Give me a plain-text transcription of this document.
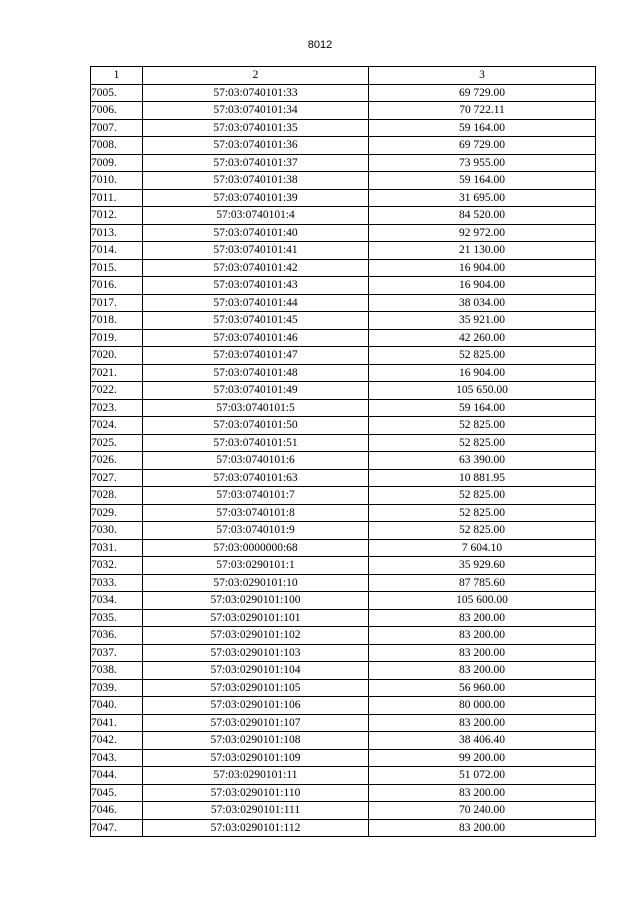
8012
1	2	3
7005.	57:03:0740101:33	69 729.00
7006.	57:03:0740101:34	70 722.11
7007.	57:03:0740101:35	59 164.00
7008.	57:03:0740101:36	69 729.00
7009.	57:03:0740101:37	73 955.00
7010.	57:03:0740101:38	59 164.00
7011.	57:03:0740101:39	31 695.00
7012.	57:03:0740101:4	84 520.00
7013.	57:03:0740101:40	92 972.00
7014.	57:03:0740101:41	21 130.00
7015.	57:03:0740101:42	16 904.00
7016.	57:03:0740101:43	16 904.00
7017.	57:03:0740101:44	38 034.00
7018.	57:03:0740101:45	35 921.00
7019.	57:03:0740101:46	42 260.00
7020.	57:03:0740101:47	52 825.00
7021.	57:03:0740101:48	16 904.00
7022.	57:03:0740101:49	105 650.00
7023.	57:03:0740101:5	59 164.00
7024.	57:03:0740101:50	52 825.00
7025.	57:03:0740101:51	52 825.00
7026.	57:03:0740101:6	63 390.00
7027.	57:03:0740101:63	10 881.95
7028.	57:03:0740101:7	52 825.00
7029.	57:03:0740101:8	52 825.00
7030.	57:03:0740101:9	52 825.00
7031.	57:03:0000000:68	7 604.10
7032.	57:03:0290101:1	35 929.60
7033.	57:03:0290101:10	87 785.60
7034.	57:03:0290101:100	105 600.00
7035.	57:03:0290101:101	83 200.00
7036.	57:03:0290101:102	83 200.00
7037.	57:03:0290101:103	83 200.00
7038.	57:03:0290101:104	83 200.00
7039.	57:03:0290101:105	56 960.00
7040.	57:03:0290101:106	80 000.00
7041.	57:03:0290101:107	83 200.00
7042.	57:03:0290101:108	38 406.40
7043.	57:03:0290101:109	99 200.00
7044.	57:03:0290101:11	51 072.00
7045.	57:03:0290101:110	83 200.00
7046.	57:03:0290101:111	70 240.00
7047.	57:03:0290101:112	83 200.00
